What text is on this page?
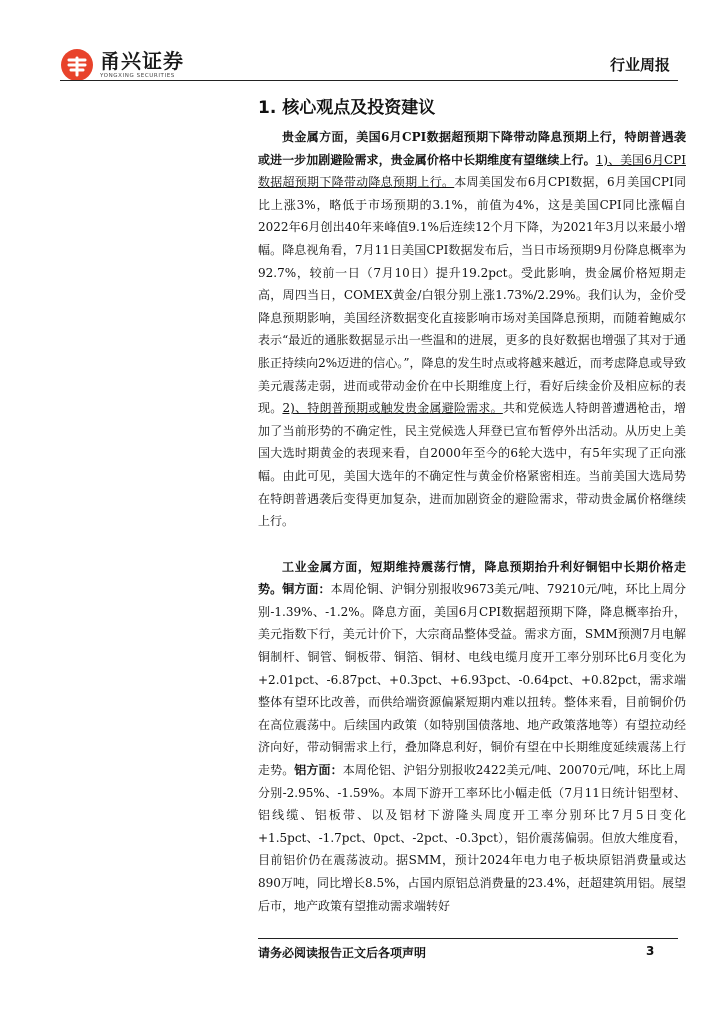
甬兴证券
YONGXING SECURITIES
行业周报
1. 核心观点及投资建议

贵金属方面，美国6月CPI数据超预期下降带动降息预期上行，特朗普遇袭或进一步加剧避险需求，贵金属价格中长期维度有望继续上行。1)、美国6月CPI数据超预期下降带动降息预期上行。本周美国发布6月CPI数据，6月美国CPI同比上涨3%，略低于市场预期的3.1%，前值为4%，这是美国CPI同比涨幅自2022年6月创出40年来峰值9.1%后连续12个月下降，为2021年3月以来最小增幅。降息视角看，7月11日美国CPI数据发布后，当日市场预期9月份降息概率为92.7%，较前一日（7月10日）提升19.2pct。受此影响，贵金属价格短期走高，周四当日，COMEX黄金/白银分别上涨1.73%/2.29%。我们认为，金价受降息预期影响，美国经济数据变化直接影响市场对美国降息预期，而随着鲍威尔表示“最近的通胀数据显示出一些温和的进展，更多的良好数据也增强了其对于通胀正持续向2%迈进的信心。”，降息的发生时点或将越来越近，而考虑降息或导致美元震荡走弱，进而或带动金价在中长期维度上行，看好后续金价及相应标的表现。2)、特朗普预期或触发贵金属避险需求。共和党候选人特朗普遭遇枪击，增加了当前形势的不确定性，民主党候选人拜登已宣布暂停外出活动。从历史上美国大选时期黄金的表现来看，自2000年至今的6轮大选中，有5年实现了正向涨幅。由此可见，美国大选年的不确定性与黄金价格紧密相连。当前美国大选局势在特朗普遇袭后变得更加复杂，进而加剧资金的避险需求，带动贵金属价格继续上行。

工业金属方面，短期维持震荡行情，降息预期抬升利好铜铝中长期价格走势。铜方面：本周伦铜、沪铜分别报收9673美元/吨、79210元/吨，环比上周分别-1.39%、-1.2%。降息方面，美国6月CPI数据超预期下降，降息概率抬升，美元指数下行，美元计价下，大宗商品整体受益。需求方面，SMM预测7月电解铜制杆、铜管、铜板带、铜箔、铜材、电线电缆月度开工率分别环比6月变化为+2.01pct、-6.87pct、+0.3pct、+6.93pct、-0.64pct、+0.82pct，需求端整体有望环比改善，而供给端资源偏紧短期内难以扭转。整体来看，目前铜价仍在高位震荡中。后续国内政策（如特别国债落地、地产政策落地等）有望拉动经济向好，带动铜需求上行，叠加降息利好，铜价有望在中长期维度延续震荡上行走势。铝方面：本周伦铝、沪铝分别报收2422美元/吨、20070元/吨，环比上周分别-2.95%、-1.59%。本周下游开工率环比小幅走低（7月11日统计铝型材、铝线缆、铝板带、以及铝材下游隆头周度开工率分别环比7月5日变化+1.5pct、-1.7pct、0pct、-2pct、-0.3pct），铝价震荡偏弱。但放大维度看，目前铝价仍在震荡波动。据SMM，预计2024年电力电子板块原铝消费量或达890万吨，同比增长8.5%，占国内原铝总消费量的23.4%，赶超建筑用铝。展望后市，地产政策有望推动需求端转好

请务必阅读报告正文后各项声明	3
